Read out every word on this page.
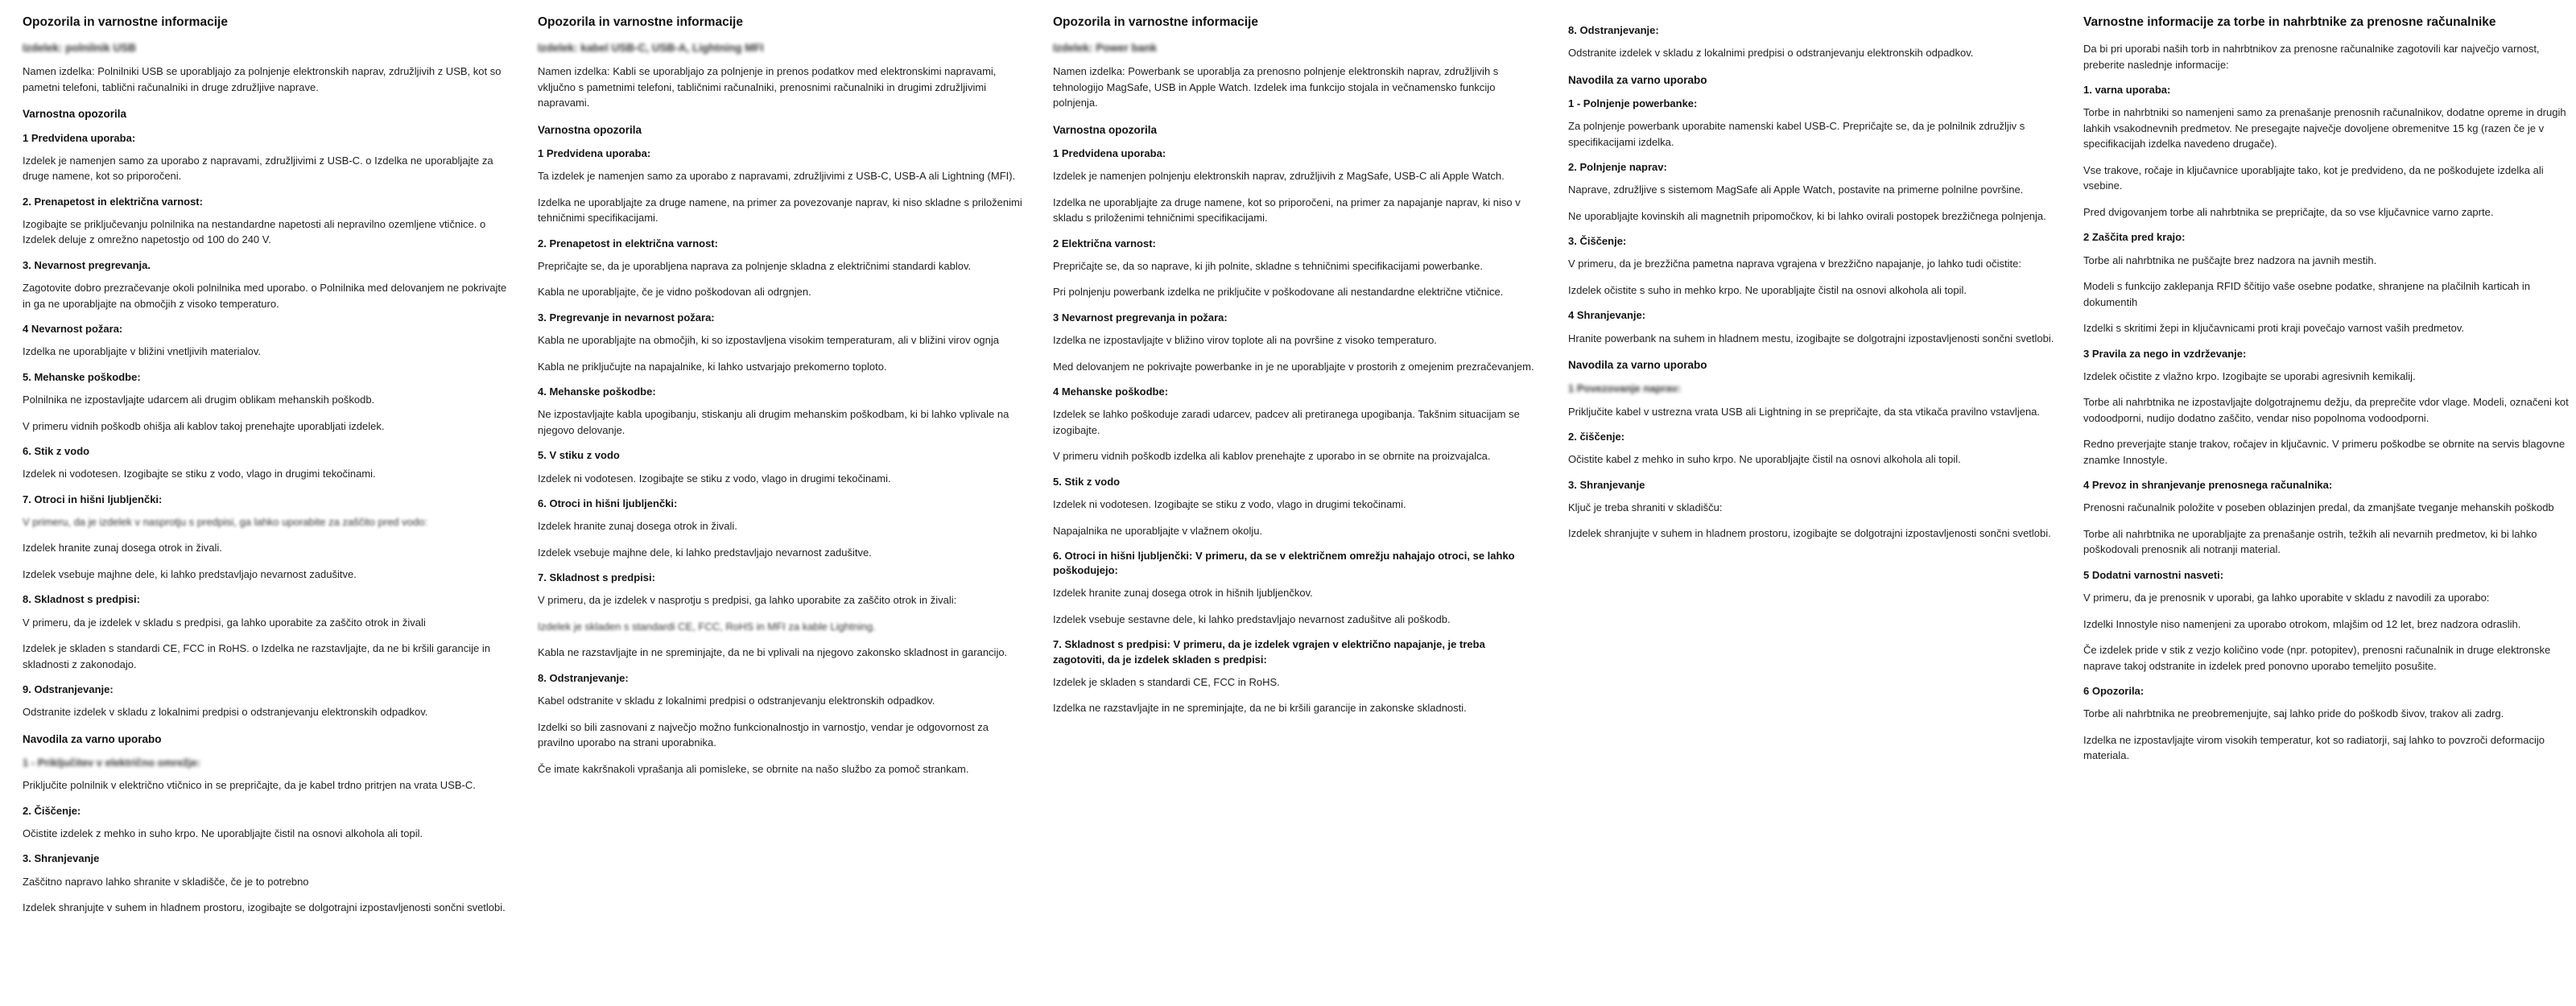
Opozorila in varnostne informacije
Izdelek: polnilnik USB

Namen izdelka: Polnilniki USB se uporabljajo za polnjenje elektronskih naprav, združljivih z USB, kot so pametni telefoni, tablični računalniki in druge združljive naprave.

Varnostna opozorila
1 Predvidena uporaba:

Izdelek je namenjen samo za uporabo z napravami, združljivimi z USB-C. o Izdelka ne uporabljajte za druge namene, kot so priporočeni.

2. Prenapetost in električna varnost:

Izogibajte se priključevanju polnilnika na nestandardne napetosti ali nepravilno ozemljene vtičnice. o Izdelek deluje z omrežno napetostjo od 100 do 240 V.

3. Nevarnost pregrevanja.

Zagotovite dobro prezračevanje okoli polnilnika med uporabo. o Polnilnika med delovanjem ne pokrivajte in ga ne uporabljajte na območjih z visoko temperaturo.

4 Nevarnost požara:

Izdelka ne uporabljajte v bližini vnetljivih materialov.

5. Mehanske poškodbe:

Polnilnika ne izpostavljajte udarcem ali drugim oblikam mehanskih poškodb.

V primeru vidnih poškodb ohišja ali kablov takoj prenehajte uporabljati izdelek.

6. Stik z vodo

Izdelek ni vodotesen. Izogibajte se stiku z vodo, vlago in drugimi tekočinami.

7. Otroci in hišni ljubljenčki:

V primeru, da je izdelek v nasprotju s predpisi, ga lahko uporabite za zaščito pred vodo:

Izdelek hranite zunaj dosega otrok in živali.

Izdelek vsebuje majhne dele, ki lahko predstavljajo nevarnost zadušitve.

8. Skladnost s predpisi:

V primeru, da je izdelek v skladu s predpisi, ga lahko uporabite za zaščito otrok in živali

Izdelek je skladen s standardi CE, FCC in RoHS. o Izdelka ne razstavljajte, da ne bi kršili garancije in skladnosti z zakonodajo.

9. Odstranjevanje:

Odstranite izdelek v skladu z lokalnimi predpisi o odstranjevanju elektronskih odpadkov.

Navodila za varno uporabo
1 - Priključitev v električno omrežje:

Priključite polnilnik v električno vtičnico in se prepričajte, da je kabel trdno pritrjen na vrata USB-C.

2. Čiščenje:

Očistite izdelek z mehko in suho krpo. Ne uporabljajte čistil na osnovi alkohola ali topil.

3. Shranjevanje

Zaščitno napravo lahko shranite v skladišče, če je to potrebno

Izdelek shranjujte v suhem in hladnem prostoru, izogibajte se dolgotrajni izpostavljenosti sončni svetlobi.

Opozorila in varnostne informacije
Izdelek: kabel USB-C, USB-A, Lightning MFI

Namen izdelka: Kabli se uporabljajo za polnjenje in prenos podatkov med elektronskimi napravami, vključno s pametnimi telefoni, tabličnimi računalniki, prenosnimi računalniki in drugimi združljivimi napravami.

Varnostna opozorila
1 Predvidena uporaba:

Ta izdelek je namenjen samo za uporabo z napravami, združljivimi z USB-C, USB-A ali Lightning (MFI).

Izdelka ne uporabljajte za druge namene, na primer za povezovanje naprav, ki niso skladne s priloženimi tehničnimi specifikacijami.

2. Prenapetost in električna varnost:

Prepričajte se, da je uporabljena naprava za polnjenje skladna z električnimi standardi kablov.

Kabla ne uporabljajte, če je vidno poškodovan ali odrgnjen.

3. Pregrevanje in nevarnost požara:

Kabla ne uporabljajte na območjih, ki so izpostavljena visokim temperaturam, ali v bližini virov ognja

Kabla ne priključujte na napajalnike, ki lahko ustvarjajo prekomerno toploto.

4. Mehanske poškodbe:

Ne izpostavljajte kabla upogibanju, stiskanju ali drugim mehanskim poškodbam, ki bi lahko vplivale na njegovo delovanje.

5. V stiku z vodo

Izdelek ni vodotesen. Izogibajte se stiku z vodo, vlago in drugimi tekočinami.

6. Otroci in hišni ljubljenčki:

Izdelek hranite zunaj dosega otrok in živali.

Izdelek vsebuje majhne dele, ki lahko predstavljajo nevarnost zadušitve.

7. Skladnost s predpisi:

V primeru, da je izdelek v nasprotju s predpisi, ga lahko uporabite za zaščito otrok in živali:

Izdelek je skladen s standardi CE, FCC, RoHS in MFI za kable Lightning.

Kabla ne razstavljajte in ne spreminjajte, da ne bi vplivali na njegovo zakonsko skladnost in garancijo.

8. Odstranjevanje:

Kabel odstranite v skladu z lokalnimi predpisi o odstranjevanju elektronskih odpadkov.

Izdelki so bili zasnovani z največjo možno funkcionalnostjo in varnostjo, vendar je odgovornost za pravilno uporabo na strani uporabnika.

Če imate kakršnakoli vprašanja ali pomisleke, se obrnite na našo službo za pomoč strankam.

Opozorila in varnostne informacije
Izdelek: Power bank

Namen izdelka: Powerbank se uporablja za prenosno polnjenje elektronskih naprav, združljivih s tehnologijo MagSafe, USB in Apple Watch. Izdelek ima funkcijo stojala in večnamensko funkcijo polnjenja.

Varnostna opozorila
1 Predvidena uporaba:

Izdelek je namenjen polnjenju elektronskih naprav, združljivih z MagSafe, USB-C ali Apple Watch.

Izdelka ne uporabljajte za druge namene, kot so priporočeni, na primer za napajanje naprav, ki niso v skladu s priloženimi tehničnimi specifikacijami.

2 Električna varnost:

Prepričajte se, da so naprave, ki jih polnite, skladne s tehničnimi specifikacijami powerbanke.

Pri polnjenju powerbank izdelka ne priključite v poškodovane ali nestandardne električne vtičnice.

3 Nevarnost pregrevanja in požara:

Izdelka ne izpostavljajte v bližino virov toplote ali na površine z visoko temperaturo.

Med delovanjem ne pokrivajte powerbanke in je ne uporabljajte v prostorih z omejenim prezračevanjem.

4 Mehanske poškodbe:

Izdelek se lahko poškoduje zaradi udarcev, padcev ali pretiranega upogibanja. Takšnim situacijam se izogibajte.

V primeru vidnih poškodb izdelka ali kablov prenehajte z uporabo in se obrnite na proizvajalca.

5. Stik z vodo

Izdelek ni vodotesen. Izogibajte se stiku z vodo, vlago in drugimi tekočinami.

Napajalnika ne uporabljajte v vlažnem okolju.

6. Otroci in hišni ljubljenčki: V primeru, da se v električnem omrežju nahajajo otroci, se lahko poškodujejo:

Izdelek hranite zunaj dosega otrok in hišnih ljubljenčkov.

Izdelek vsebuje sestavne dele, ki lahko predstavljajo nevarnost zadušitve ali poškodb.

7. Skladnost s predpisi: V primeru, da je izdelek vgrajen v električno napajanje, je treba zagotoviti, da je izdelek skladen s predpisi:

Izdelek je skladen s standardi CE, FCC in RoHS.

Izdelka ne razstavljajte in ne spreminjajte, da ne bi kršili garancije in zakonske skladnosti.

8. Odstranjevanje:

Odstranite izdelek v skladu z lokalnimi predpisi o odstranjevanju elektronskih odpadkov.

Navodila za varno uporabo
1 - Polnjenje powerbanke:

Za polnjenje powerbank uporabite namenski kabel USB-C. Prepričajte se, da je polnilnik združljiv s specifikacijami izdelka.

2. Polnjenje naprav:

Naprave, združljive s sistemom MagSafe ali Apple Watch, postavite na primerne polnilne površine.

Ne uporabljajte kovinskih ali magnetnih pripomočkov, ki bi lahko ovirali postopek brezžičnega polnjenja.

3. Čiščenje:

V primeru, da je brezžična pametna naprava vgrajena v brezžično napajanje, jo lahko tudi očistite:

Izdelek očistite s suho in mehko krpo. Ne uporabljajte čistil na osnovi alkohola ali topil.

4 Shranjevanje:

Hranite powerbank na suhem in hladnem mestu, izogibajte se dolgotrajni izpostavljenosti sončni svetlobi.

Navodila za varno uporabo
1 Povezovanje naprav:

Priključite kabel v ustrezna vrata USB ali Lightning in se prepričajte, da sta vtikača pravilno vstavljena.

2. čiščenje:

Očistite kabel z mehko in suho krpo. Ne uporabljajte čistil na osnovi alkohola ali topil.

3. Shranjevanje

Ključ je treba shraniti v skladišču:

Izdelek shranjujte v suhem in hladnem prostoru, izogibajte se dolgotrajni izpostavljenosti sončni svetlobi.

Varnostne informacije za torbe in nahrbtnike za prenosne računalnike

Da bi pri uporabi naših torb in nahrbtnikov za prenosne računalnike zagotovili kar največjo varnost, preberite naslednje informacije:

1. varna uporaba:

Torbe in nahrbtniki so namenjeni samo za prenašanje prenosnih računalnikov, dodatne opreme in drugih lahkih vsakodnevnih predmetov. Ne presegajte največje dovoljene obremenitve 15 kg (razen če je v specifikacijah izdelka navedeno drugače).

Vse trakove, ročaje in ključavnice uporabljajte tako, kot je predvideno, da ne poškodujete izdelka ali vsebine.

Pred dvigovanjem torbe ali nahrbtnika se prepričajte, da so vse ključavnice varno zaprte.

2 Zaščita pred krajo:

Torbe ali nahrbtnika ne puščajte brez nadzora na javnih mestih.

Modeli s funkcijo zaklepanja RFID ščitijo vaše osebne podatke, shranjene na plačilnih karticah in dokumentih

Izdelki s skritimi žepi in ključavnicami proti kraji povečajo varnost vaših predmetov.

3 Pravila za nego in vzdrževanje:

Izdelek očistite z vlažno krpo. Izogibajte se uporabi agresivnih kemikalij.

Torbe ali nahrbtnika ne izpostavljajte dolgotrajnemu dežju, da preprečite vdor vlage. Modeli, označeni kot vodoodporni, nudijo dodatno zaščito, vendar niso popolnoma vodoodporni.

Redno preverjajte stanje trakov, ročajev in ključavnic. V primeru poškodbe se obrnite na servis blagovne znamke Innostyle.

4 Prevoz in shranjevanje prenosnega računalnika:

Prenosni računalnik položite v poseben oblazinjen predal, da zmanjšate tveganje mehanskih poškodb

Torbe ali nahrbtnika ne uporabljajte za prenašanje ostrih, težkih ali nevarnih predmetov, ki bi lahko poškodovali prenosnik ali notranji material.

5 Dodatni varnostni nasveti:

V primeru, da je prenosnik v uporabi, ga lahko uporabite v skladu z navodili za uporabo:

Izdelki Innostyle niso namenjeni za uporabo otrokom, mlajšim od 12 let, brez nadzora odraslih.

Če izdelek pride v stik z vezjo količino vode (npr. potopitev), prenosni računalnik in druge elektronske naprave takoj odstranite in izdelek pred ponovno uporabo temeljito posušite.

6 Opozorila:

Torbe ali nahrbtnika ne preobremenjujte, saj lahko pride do poškodb šivov, trakov ali zadrg.

Izdelka ne izpostavljajte virom visokih temperatur, kot so radiatorji, saj lahko to povzroči deformacijo materiala.
